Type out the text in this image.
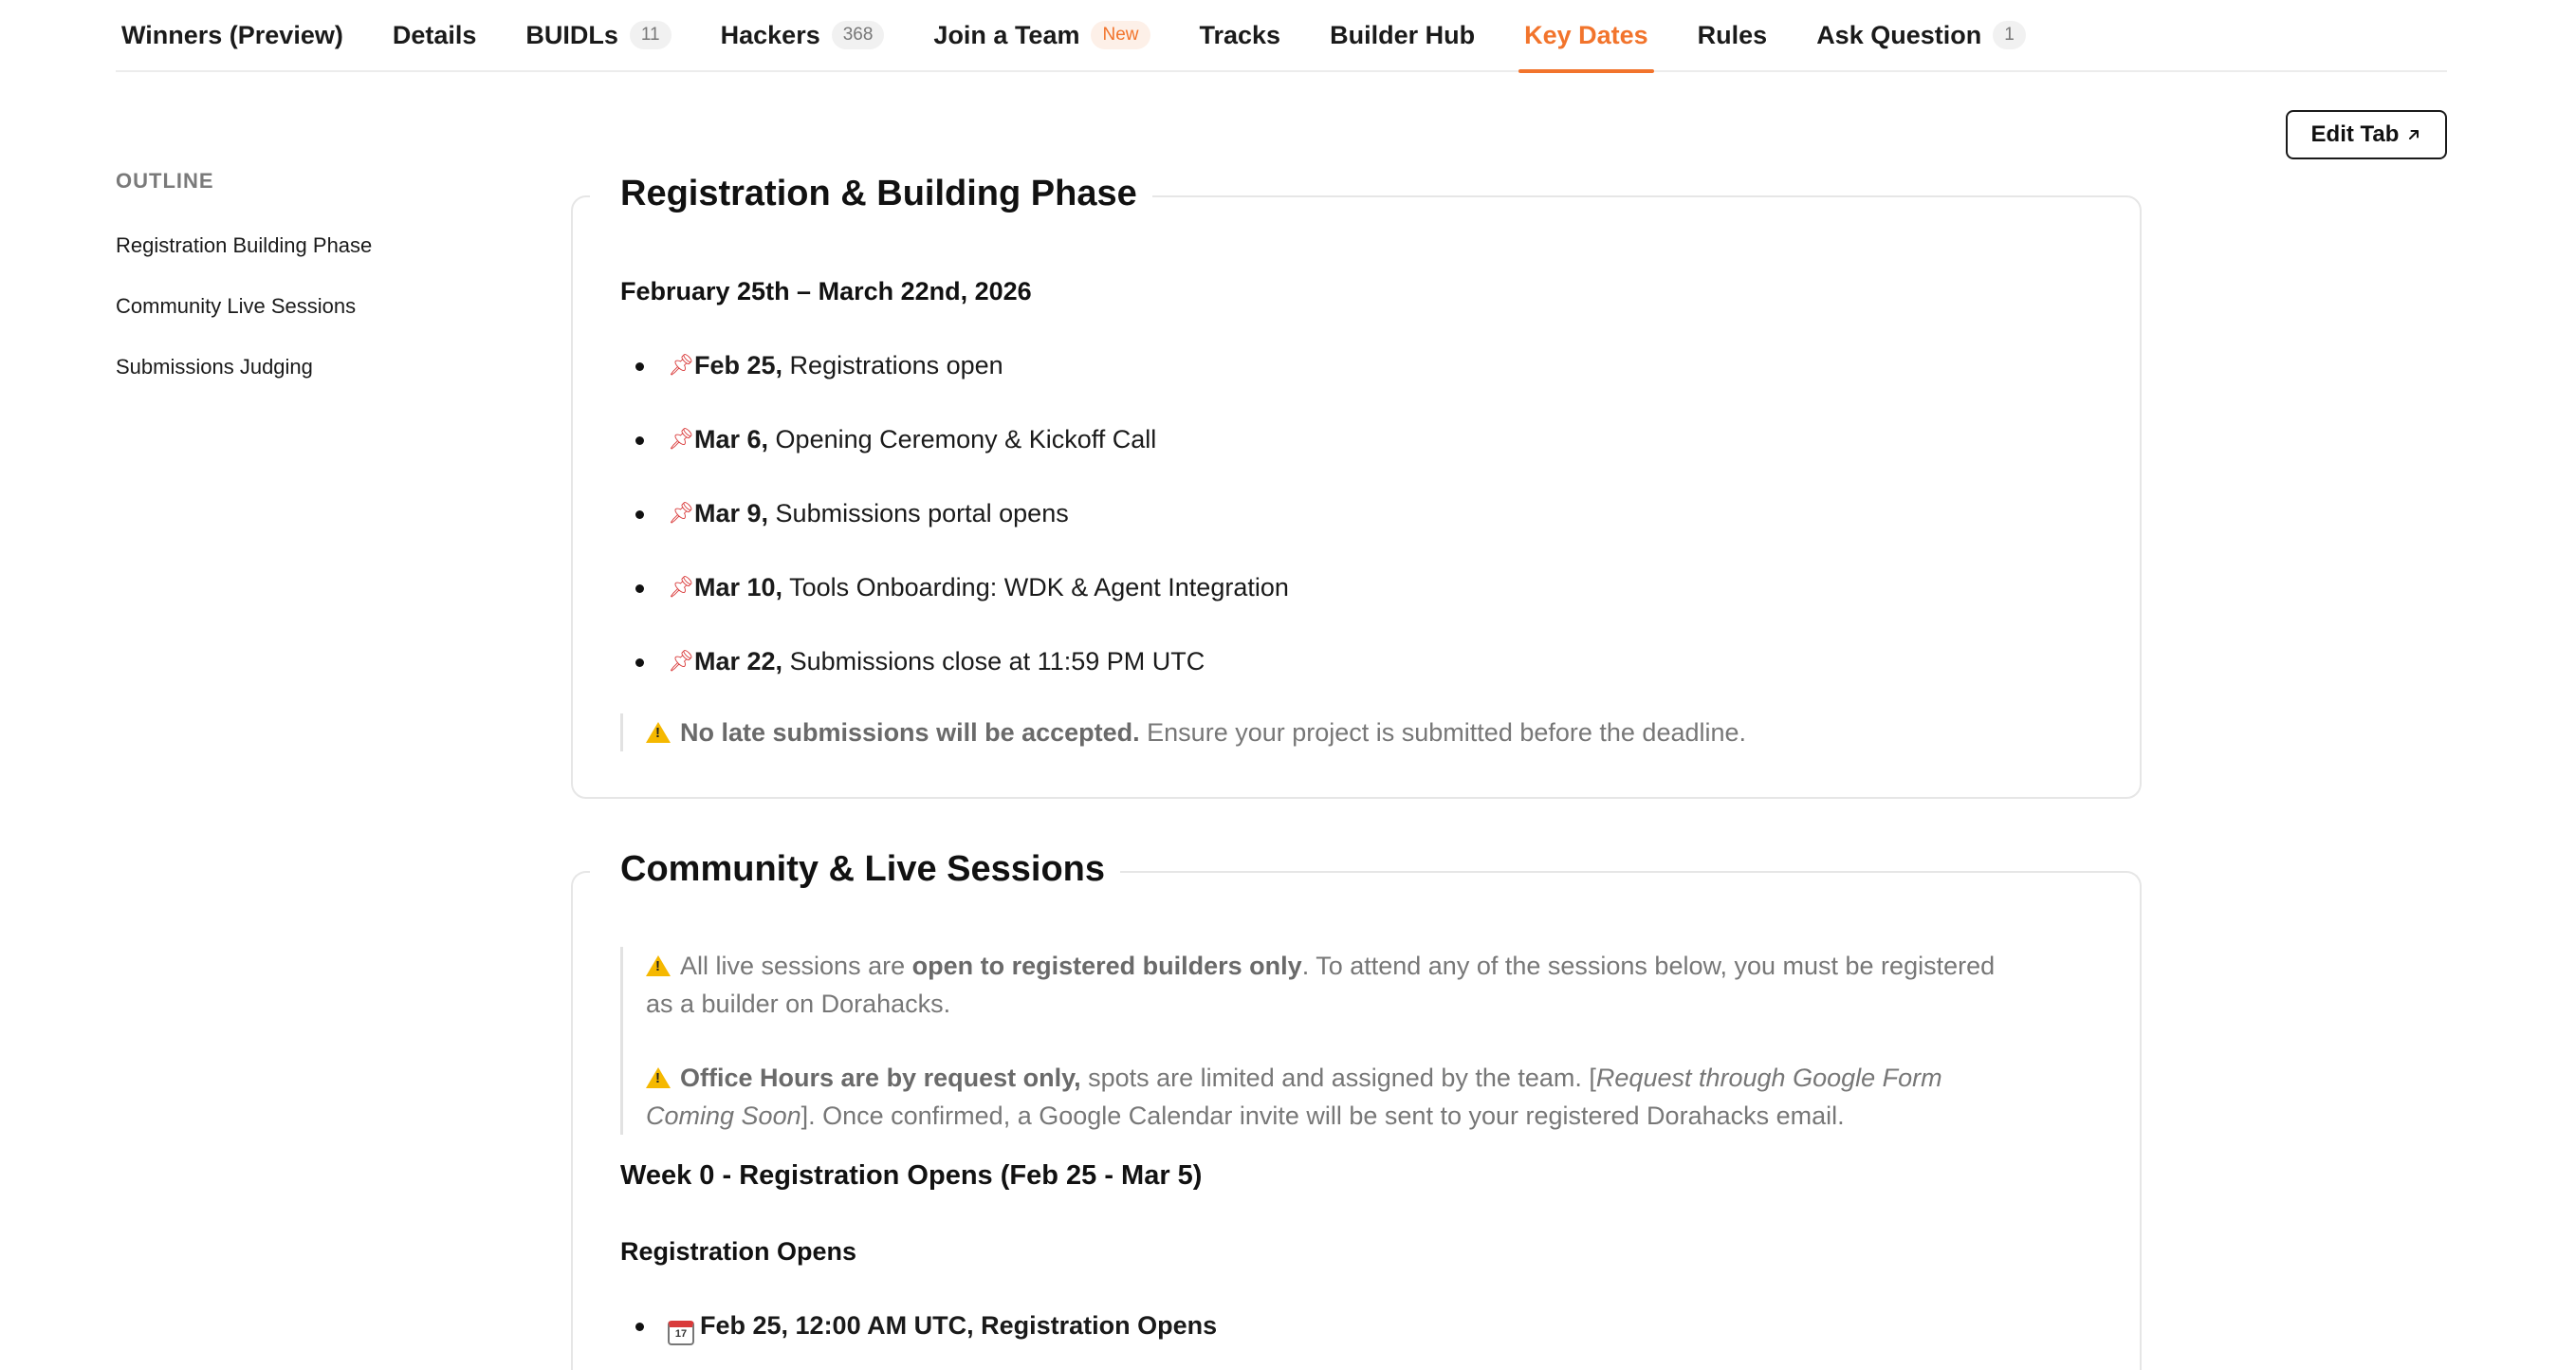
Winners (Preview) Details BUIDLs	11	Hackers	368	Join a Team	New	Tracks Builder Hub Key Dates Rules Ask Question	1
Edit Tab
OUTLINE
Registration Building Phase
Community Live Sessions
Submissions Judging
Registration & Building Phase
February 25th – March 22nd, 2026
📌︎Feb 25, Registrations open
📌︎Mar 6, Opening Ceremony & Kickoff Call
📌︎Mar 9, Submissions portal opens
📌︎Mar 10, Tools Onboarding: WDK & Agent Integration
📌︎Mar 22, Submissions close at 11:59 PM UTC

!No late submissions will be accepted. Ensure your project is submitted before the deadline.

Community & Live Sessions

!All live sessions are open to registered builders only. To attend any of the sessions below, you must be registered as a builder on Dorahacks.

!Office Hours are by request only, spots are limited and assigned by the team. [Request through Google Form Coming Soon]. Once confirmed, a Google Calendar invite will be sent to your registered Dorahacks email.

Week 0 - Registration Opens (Feb 25 - Mar 5)
Registration Opens
17 Feb 25, 12:00 AM UTC, Registration Opens
